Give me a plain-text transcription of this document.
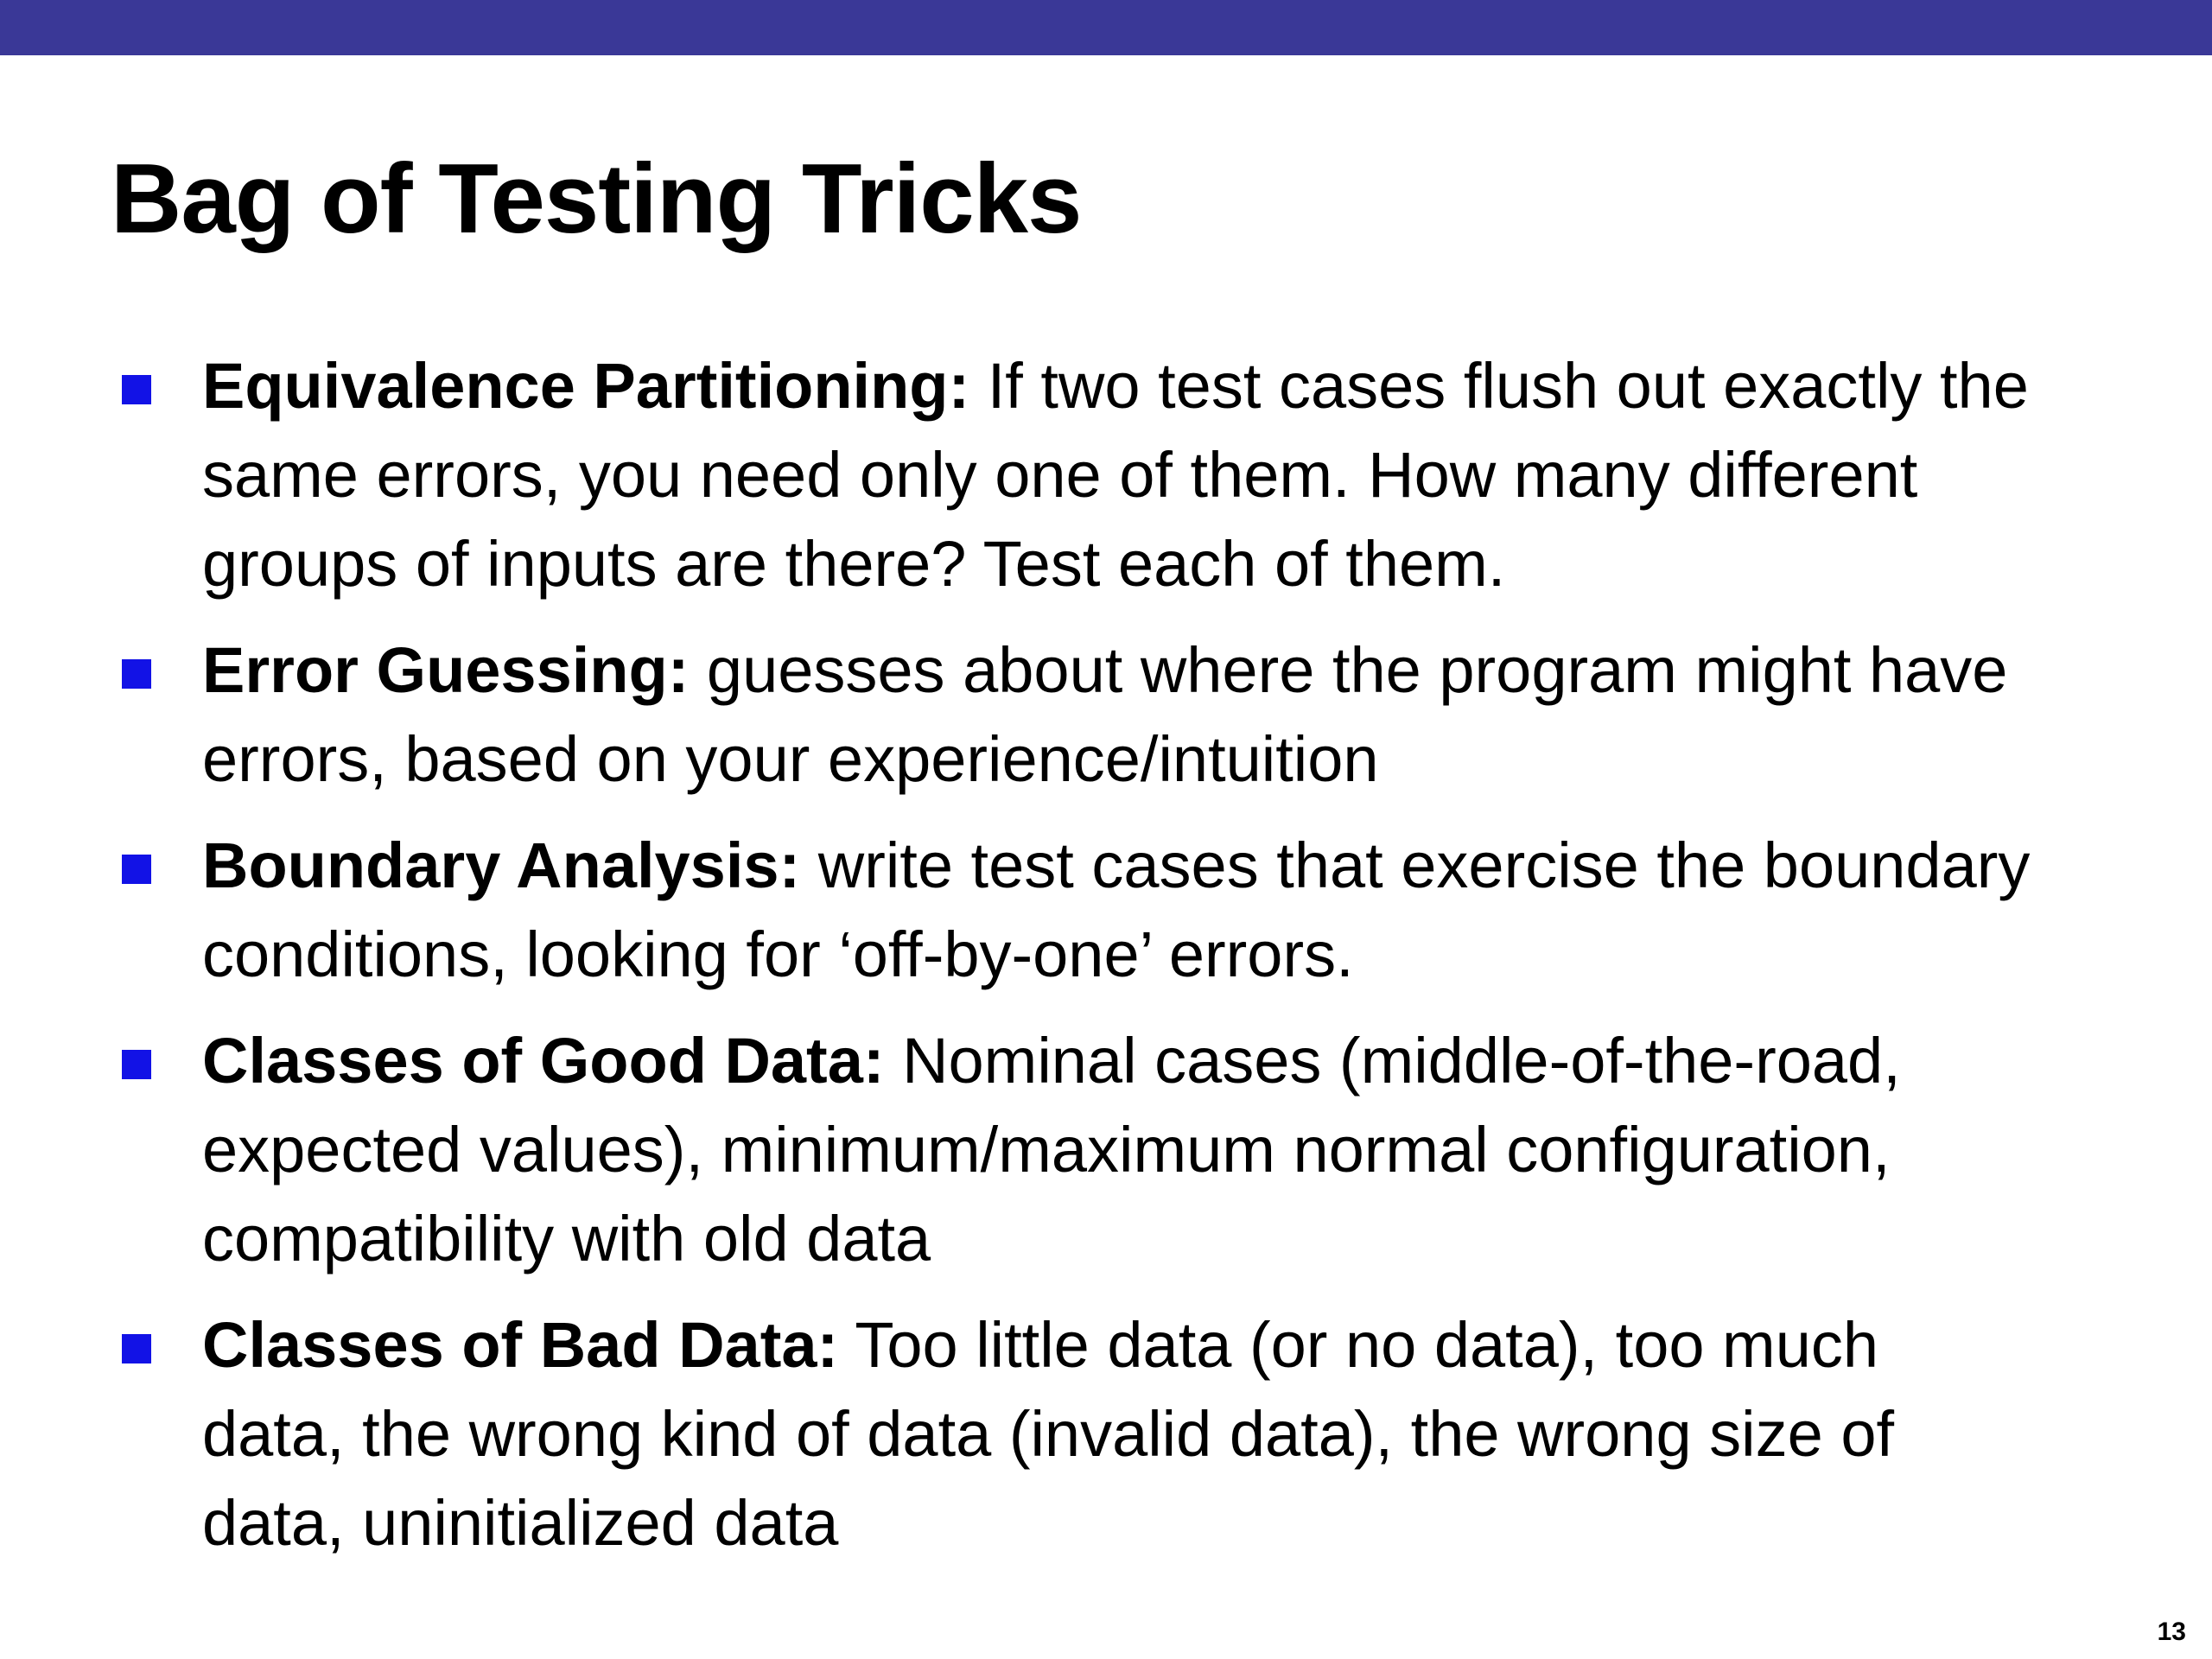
Bag of Testing Tricks
Equivalence Partitioning: If two test cases flush out exactly the same errors, you need only one of them. How many different groups of inputs are there? Test each of them.
Error Guessing: guesses about where the program might have errors, based on your experience/intuition
Boundary Analysis: write test cases that exercise the boundary conditions, looking for ‘off-by-one’ errors.
Classes of Good Data: Nominal cases (middle-of-the-road, expected values), minimum/maximum normal configuration, compatibility with old data
Classes of Bad Data: Too little data (or no data), too much data, the wrong kind of data (invalid data), the wrong size of data, uninitialized data
13
